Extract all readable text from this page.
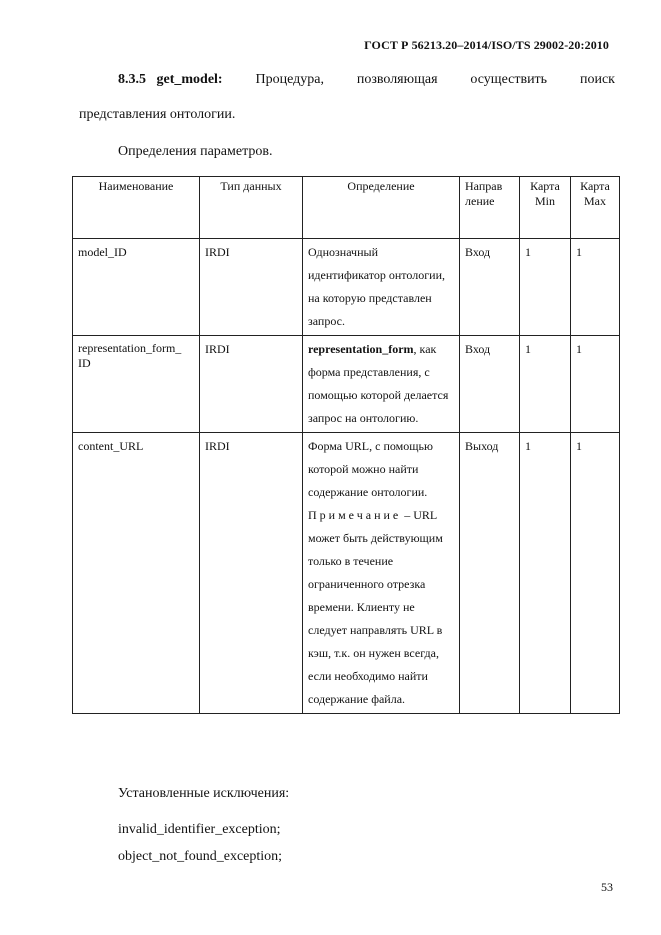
ГОСТ Р 56213.20–2014/ISO/TS 29002-20:2010
8.3.5 get_model: Процедура, позволяющая осуществить поиск
представления онтологии.
Определения параметров.
Наименование	Тип данных	Определение	Направ ление	Карта Min	Карта Max
model_ID	IRDI	Однозначный идентификатор онтологии, на которую представлен запрос.	Вход	1	1
representation_form_ ID	IRDI	representation_form, как форма представления, с помощью которой делается запрос на онтологию.	Вход	1	1
content_URL	IRDI	Форма URL, с помощью которой можно найти содержание онтологии. Примечание – URL может быть действующим только в течение ограниченного отрезка времени. Клиенту не следует направлять URL в кэш, т.к. он нужен всегда, если необходимо найти содержание файла.	Выход	1	1
Установленные исключения:
invalid_identifier_exception;
object_not_found_exception;
53
